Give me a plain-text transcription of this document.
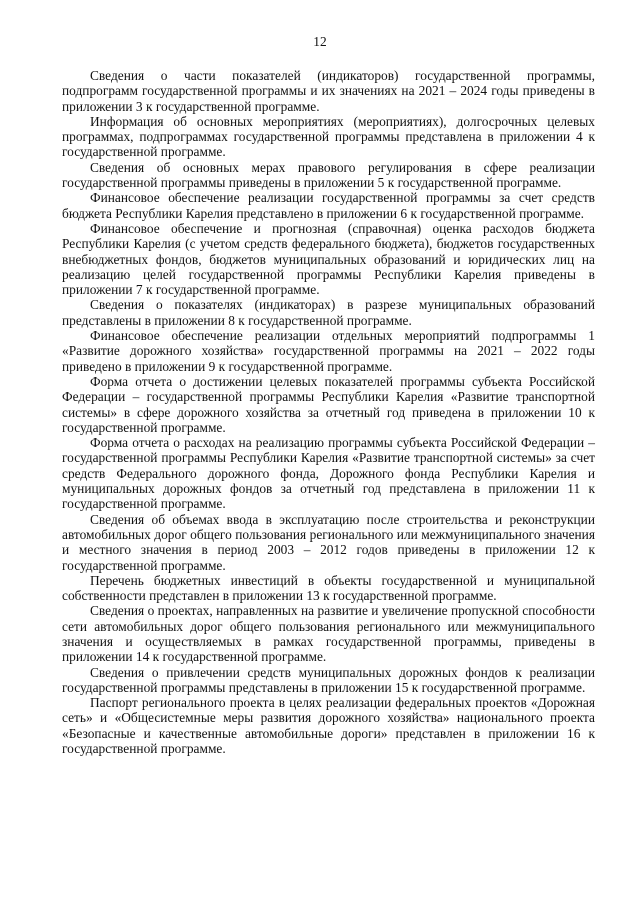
12

Сведения о части показателей (индикаторов) государственной программы, подпрограмм государственной программы и их значениях на 2021 – 2024 годы приведены в приложении 3 к государственной программе.

Информация об основных мероприятиях (мероприятиях), долгосрочных целевых программах, подпрограммах государственной программы представлена в приложении 4 к государственной программе.

Сведения об основных мерах правового регулирования в сфере реализации государственной программы приведены в приложении 5 к государственной программе.

Финансовое обеспечение реализации государственной программы за счет средств бюджета Республики Карелия представлено в приложении 6 к государственной программе.

Финансовое обеспечение и прогнозная (справочная) оценка расходов бюджета Республики Карелия (с учетом средств федерального бюджета), бюджетов государственных внебюджетных фондов, бюджетов муниципальных образований и юридических лиц на реализацию целей государственной программы Республики Карелия приведены в приложении 7 к государственной программе.

Сведения о показателях (индикаторах) в разрезе муниципальных образований представлены в приложении 8 к государственной программе.

Финансовое обеспечение реализации отдельных мероприятий подпрограммы 1 «Развитие дорожного хозяйства» государственной программы на 2021 – 2022 годы приведено в приложении 9 к государственной программе.

Форма отчета о достижении целевых показателей программы субъекта Российской Федерации – государственной программы Республики Карелия «Развитие транспортной системы» в сфере дорожного хозяйства за отчетный год приведена в приложении 10 к государственной программе.

Форма отчета о расходах на реализацию программы субъекта Российской Федерации – государственной программы Республики Карелия «Развитие транспортной системы» за счет средств Федерального дорожного фонда, Дорожного фонда Республики Карелия и муниципальных дорожных фондов за отчетный год представлена в приложении 11 к государственной программе.

Сведения об объемах ввода в эксплуатацию после строительства и реконструкции автомобильных дорог общего пользования регионального или межмуниципального значения и местного значения в период 2003 – 2012 годов приведены в приложении 12 к государственной программе.

Перечень бюджетных инвестиций в объекты государственной и муниципальной собственности представлен в приложении 13 к государственной программе.

Сведения о проектах, направленных на развитие и увеличение пропускной способности сети автомобильных дорог общего пользования регионального или межмуниципального значения и осуществляемых в рамках государственной программы, приведены в приложении 14 к государственной программе.

Сведения о привлечении средств муниципальных дорожных фондов к реализации государственной программы представлены в приложении 15 к государственной программе.

Паспорт регионального проекта в целях реализации федеральных проектов «Дорожная сеть» и «Общесистемные меры развития дорожного хозяйства» национального проекта «Безопасные и качественные автомобильные дороги» представлен в приложении 16 к государственной программе.
